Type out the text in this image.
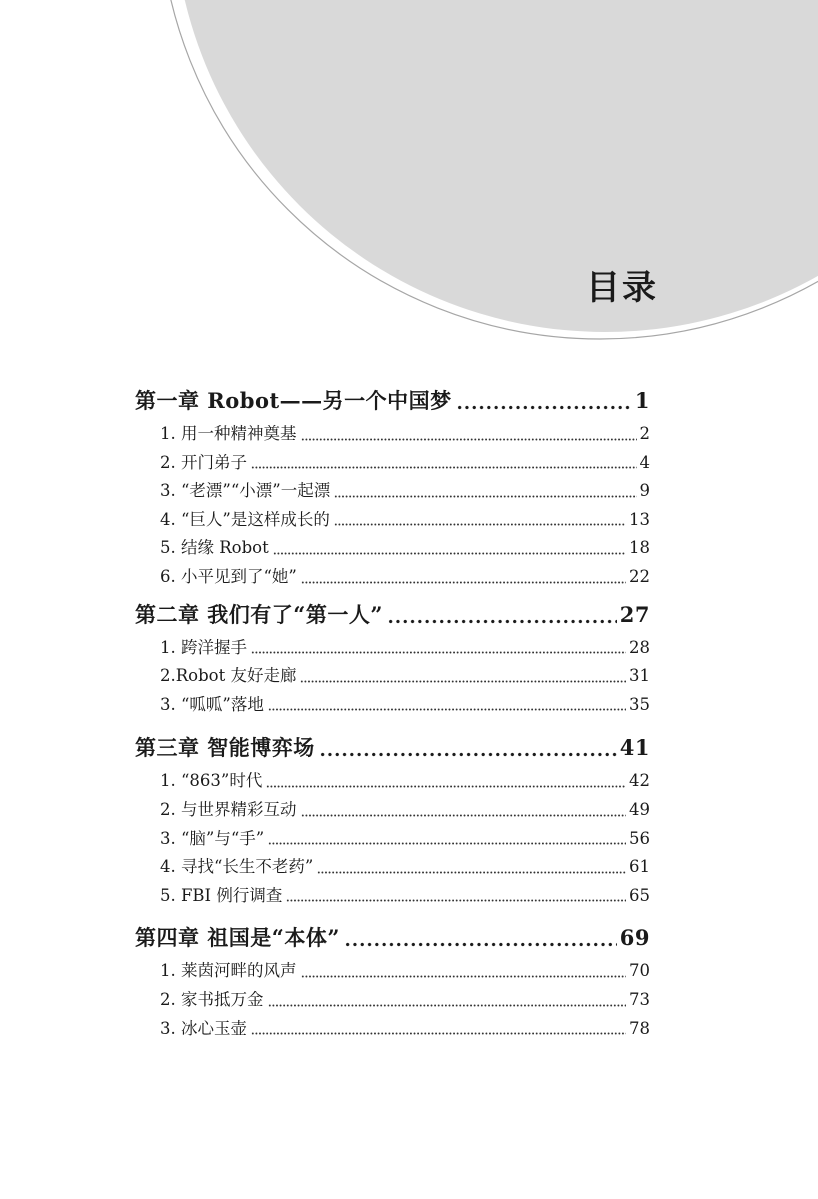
目录
第一章 Robot——另一个中国梦	1
1. 用一种精神奠基	2
2. 开门弟子	4
3. “老漂”“小漂”一起漂	9
4. “巨人”是这样成长的	13
5. 结缘 Robot	18
6. 小平见到了“她”	22
第二章 我们有了“第一人”	27
1. 跨洋握手	28
2.Robot 友好走廊	31
3. “呱呱”落地	35
第三章 智能博弈场	41
1. “863”时代	42
2. 与世界精彩互动	49
3. “脑”与“手”	56
4. 寻找“长生不老药”	61
5. FBI 例行调查	65
第四章 祖国是“本体”	69
1. 莱茵河畔的风声	70
2. 家书抵万金	73
3. 冰心玉壶	78
